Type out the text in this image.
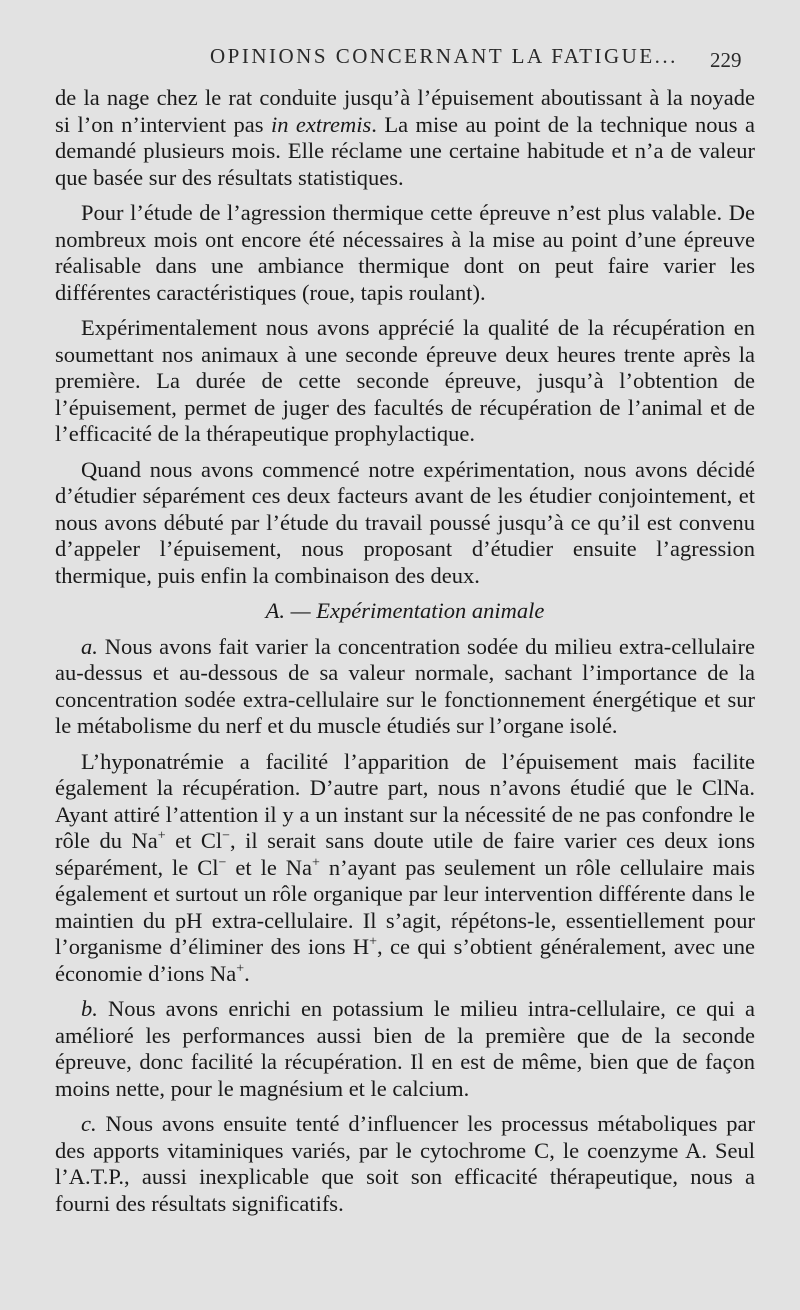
OPINIONS CONCERNANT LA FATIGUE... 229

de la nage chez le rat conduite jusqu’à l’épuisement aboutissant à la noyade si l’on n’intervient pas in extremis. La mise au point de la technique nous a demandé plusieurs mois. Elle réclame une certaine habitude et n’a de valeur que basée sur des résultats statistiques.

Pour l’étude de l’agression thermique cette épreuve n’est plus valable. De nombreux mois ont encore été nécessaires à la mise au point d’une épreuve réalisable dans une ambiance thermique dont on peut faire varier les différentes caractéristiques (roue, tapis roulant).

Expérimentalement nous avons apprécié la qualité de la récupération en soumettant nos animaux à une seconde épreuve deux heures trente après la première. La durée de cette seconde épreuve, jusqu’à l’obtention de l’épuisement, permet de juger des facultés de récupération de l’animal et de l’efficacité de la thérapeutique prophylactique.

Quand nous avons commencé notre expérimentation, nous avons décidé d’étudier séparément ces deux facteurs avant de les étudier conjointement, et nous avons débuté par l’étude du travail poussé jusqu’à ce qu’il est convenu d’appeler l’épuisement, nous proposant d’étudier ensuite l’agression thermique, puis enfin la combinaison des deux.

A. — Expérimentation animale

a. Nous avons fait varier la concentration sodée du milieu extra-cellulaire au-dessus et au-dessous de sa valeur normale, sachant l’importance de la concentration sodée extra-cellulaire sur le fonctionnement énergétique et sur le métabolisme du nerf et du muscle étudiés sur l’organe isolé.

L’hyponatrémie a facilité l’apparition de l’épuisement mais facilite également la récupération. D’autre part, nous n’avons étudié que le ClNa. Ayant attiré l’attention il y a un instant sur la nécessité de ne pas confondre le rôle du Na+ et Cl−, il serait sans doute utile de faire varier ces deux ions séparément, le Cl− et le Na+ n’ayant pas seulement un rôle cellulaire mais également et surtout un rôle organique par leur intervention différente dans le maintien du pH extra-cellulaire. Il s’agit, répétons-le, essentiellement pour l’organisme d’éliminer des ions H+, ce qui s’obtient généralement, avec une économie d’ions Na+.

b. Nous avons enrichi en potassium le milieu intra-cellulaire, ce qui a amélioré les performances aussi bien de la première que de la seconde épreuve, donc facilité la récupération. Il en est de même, bien que de façon moins nette, pour le magnésium et le calcium.

c. Nous avons ensuite tenté d’influencer les processus métaboliques par des apports vitaminiques variés, par le cytochrome C, le coenzyme A. Seul l’A.T.P., aussi inexplicable que soit son efficacité thérapeutique, nous a fourni des résultats significatifs.
